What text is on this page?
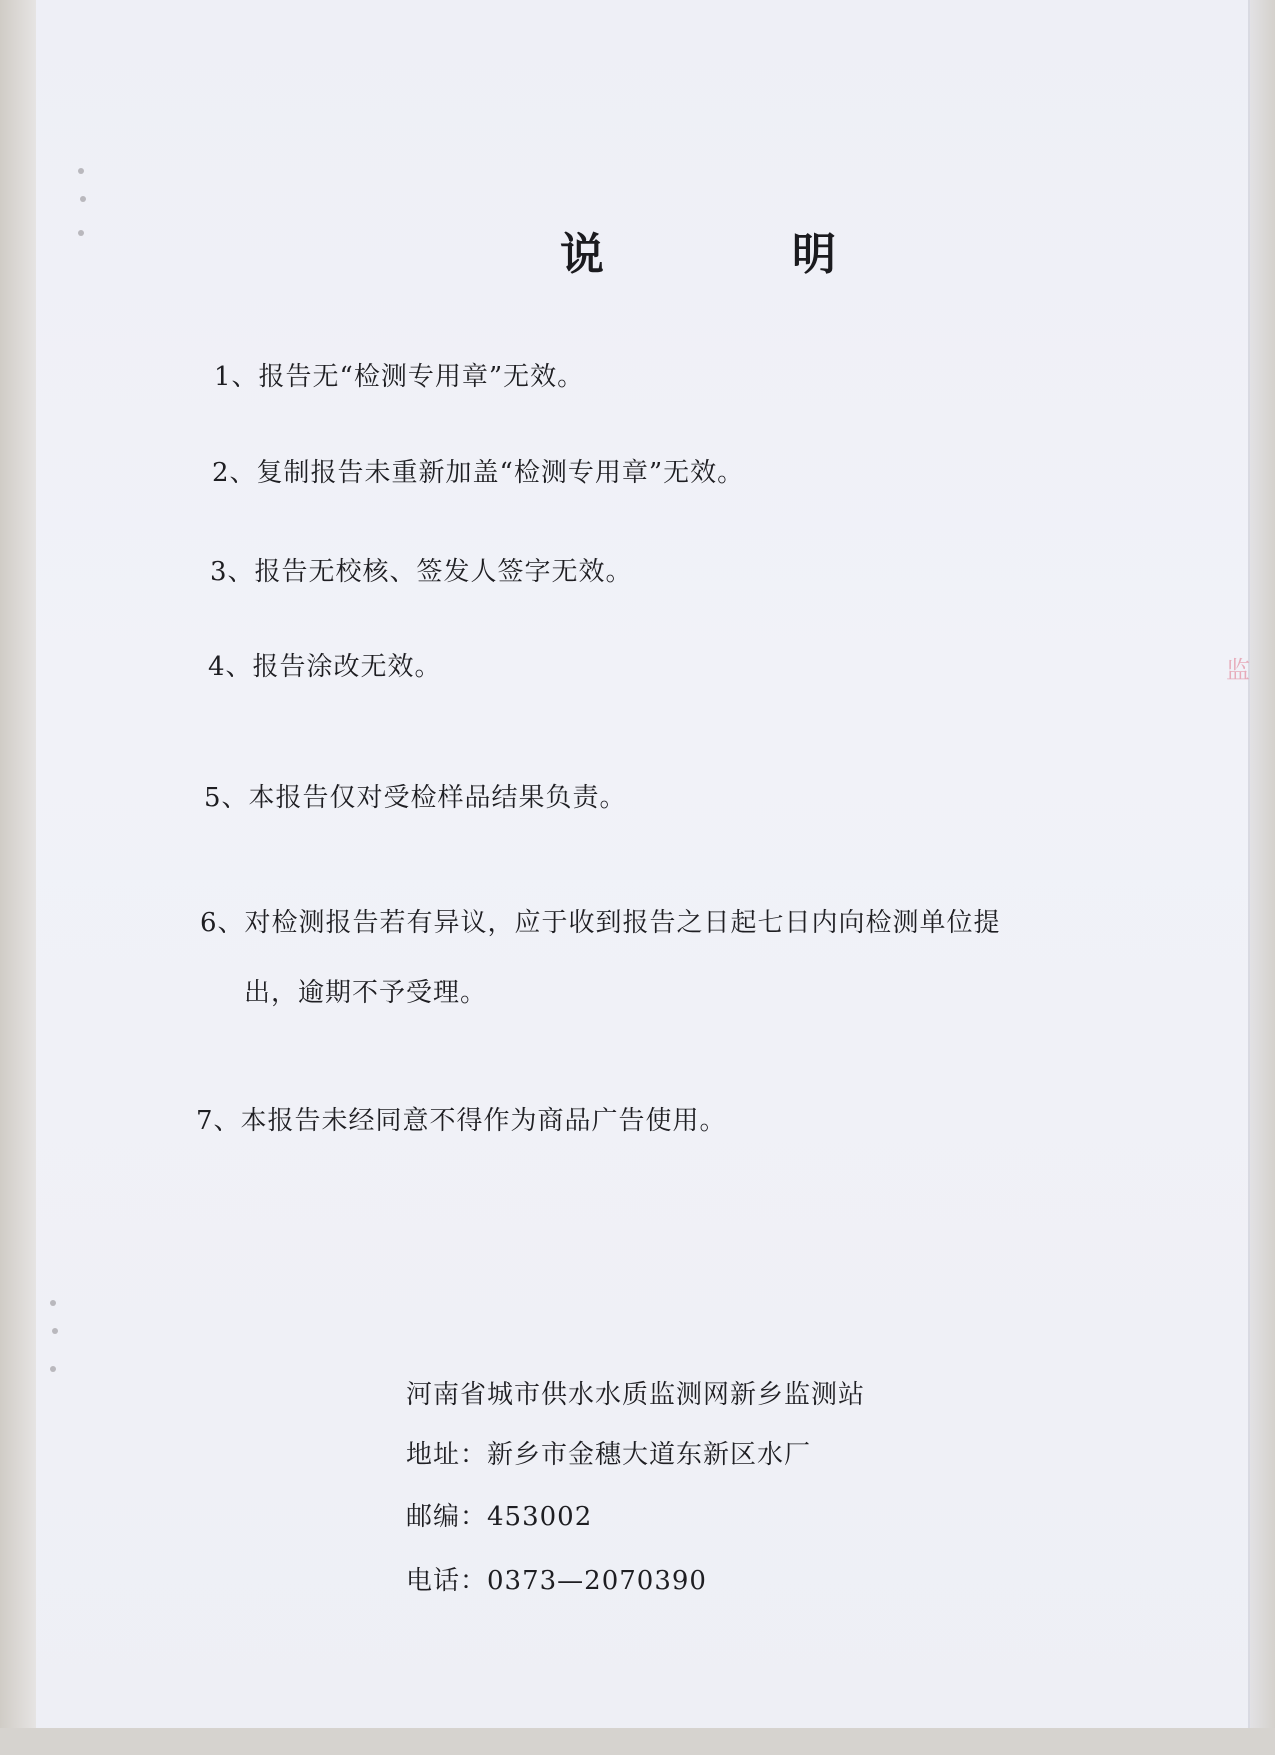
说　明
1、报告无“检测专用章”无效。
2、复制报告未重新加盖“检测专用章”无效。
3、报告无校核、签发人签字无效。
4、报告涂改无效。
5、本报告仅对受检样品结果负责。
6、对检测报告若有异议，应于收到报告之日起七日内向检测单位提
出，逾期不予受理。
7、本报告未经同意不得作为商品广告使用。
河南省城市供水水质监测网新乡监测站
地址：新乡市金穗大道东新区水厂
邮编：453002
电话：0373—2070390
监
